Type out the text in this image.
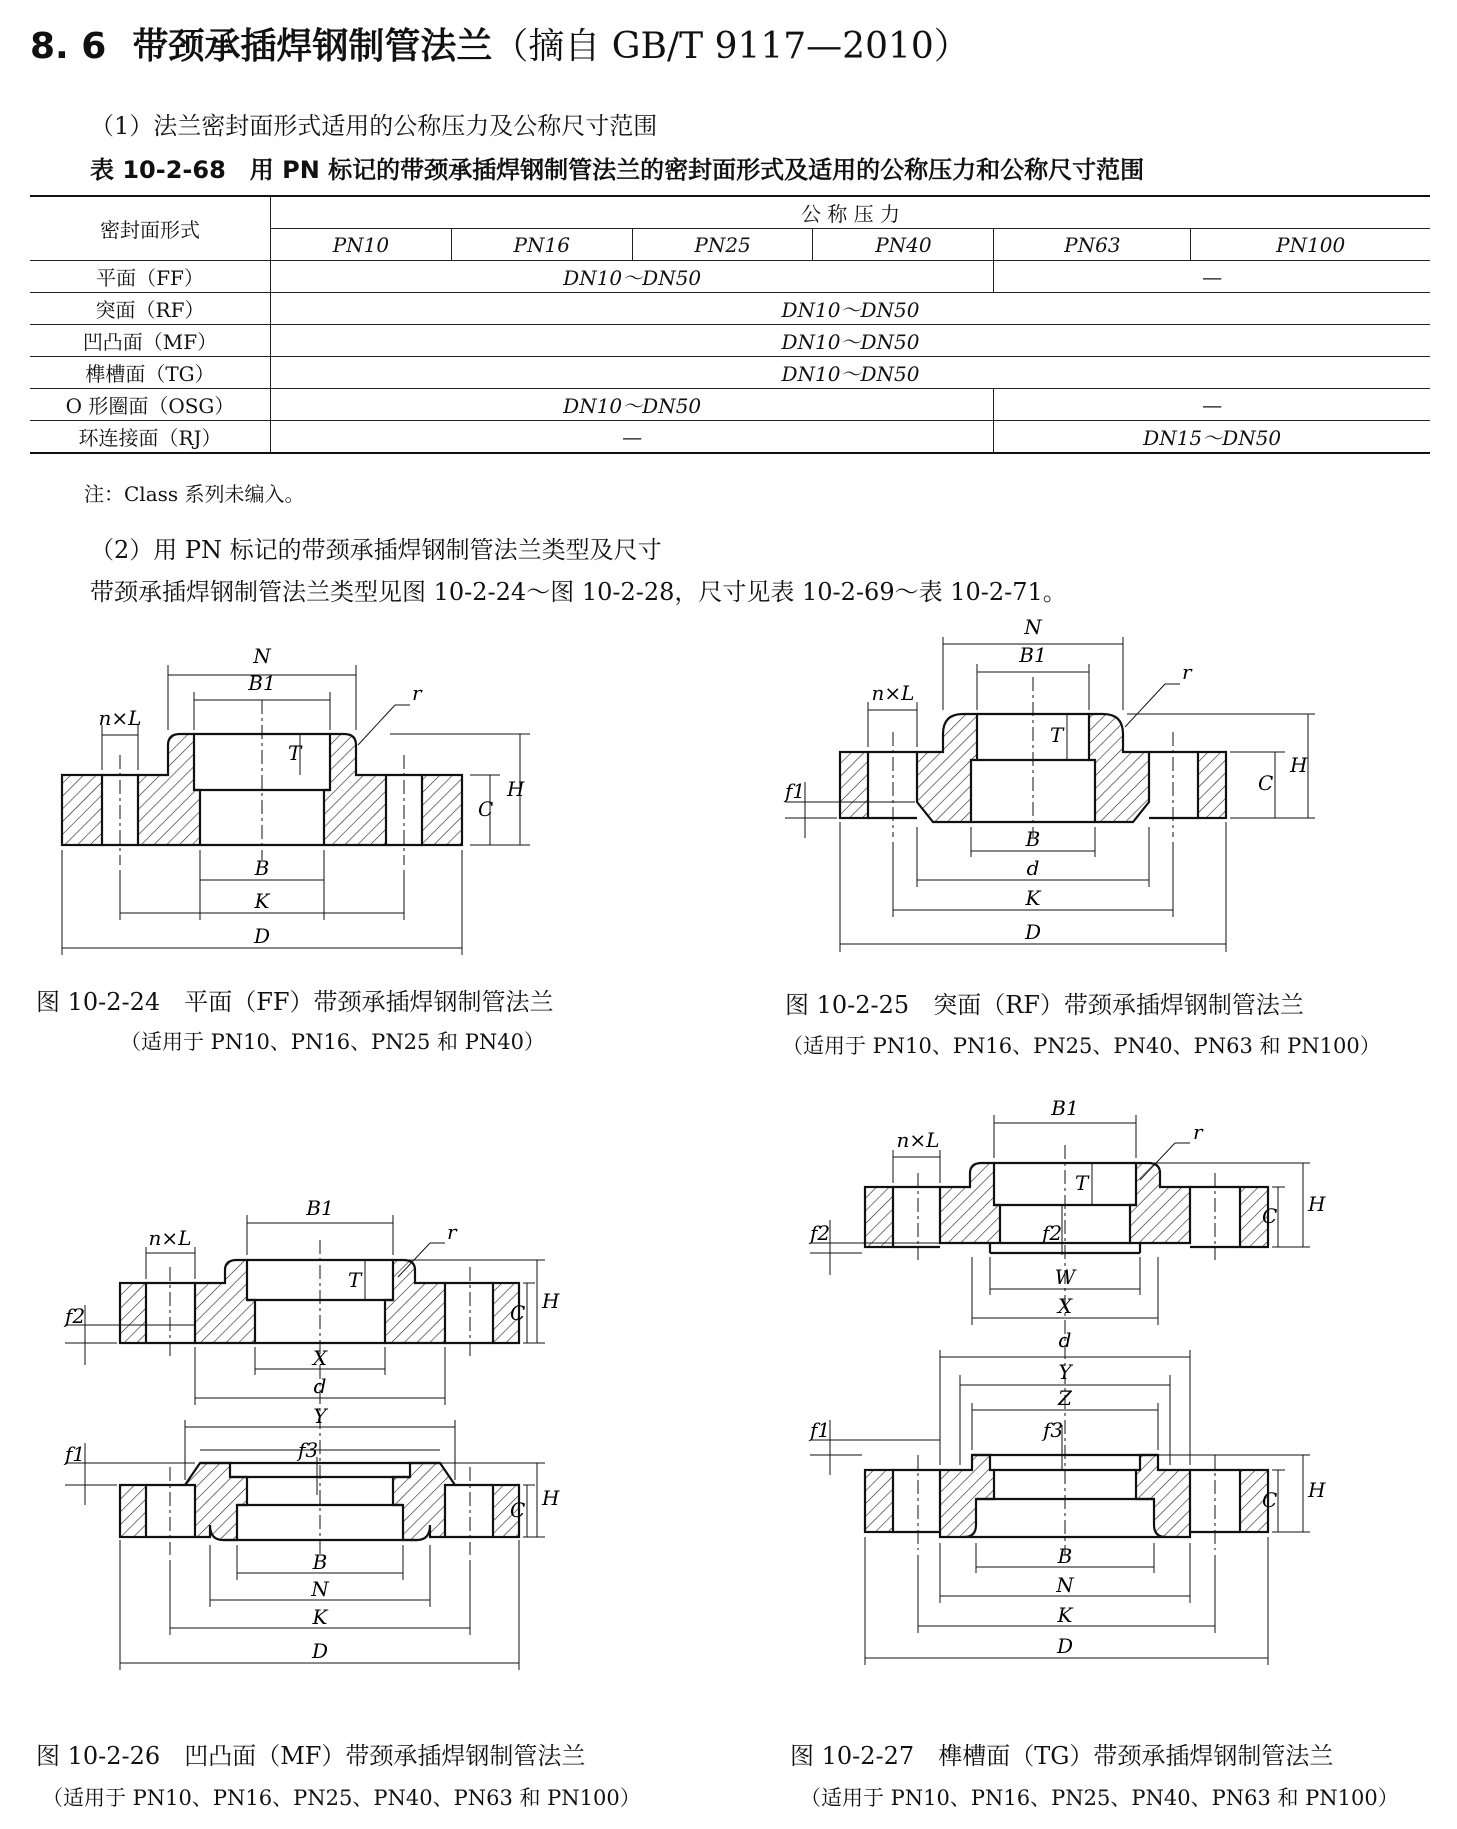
8. 6 带颈承插焊钢制管法兰（摘自 GB/T 9117—2010）
（1）法兰密封面形式适用的公称压力及公称尺寸范围
表 10-2-68　用 PN 标记的带颈承插焊钢制管法兰的密封面形式及适用的公称压力和公称尺寸范围
密封面形式	公 称 压 力					
	PN10	PN16	PN25	PN40	PN63	PN100
平面（FF）	DN10～DN50				—	
突面（RF）	DN10～DN50					
凹凸面（MF）	DN10～DN50					
榫槽面（TG）	DN10～DN50					
O 形圈面（OSG）	DN10～DN50				—	
环连接面（RJ）	—				DN15～DN50	
注：Class 系列未编入。
（2）用 PN 标记的带颈承插焊钢制管法兰类型及尺寸
带颈承插焊钢制管法兰类型见图 10-2-24～图 10-2-28，尺寸见表 10-2-69～表 10-2-71。
N
B1
n×L
r
T
C
H
B
K
D
图 10-2-24　平面（FF）带颈承插焊钢制管法兰
（适用于 PN10、PN16、PN25 和 PN40）
N
B1
n×L
r
T
C
H
f1
B
d
K
D
图 10-2-25　突面（RF）带颈承插焊钢制管法兰
（适用于 PN10、PN16、PN25、PN40、PN63 和 PN100）
B1
n×L	r
T
C H
f2
X
d
Y
f1	f3
C H
B
N
K
D
图 10-2-26　凹凸面（MF）带颈承插焊钢制管法兰
（适用于 PN10、PN16、PN25、PN40、PN63 和 PN100）
B1
n×L	r
T
C H
f2	f2
W
X
d
Y
Z
f1	f3
C H
B
N
K
D
图 10-2-27　榫槽面（TG）带颈承插焊钢制管法兰
（适用于 PN10、PN16、PN25、PN40、PN63 和 PN100）
